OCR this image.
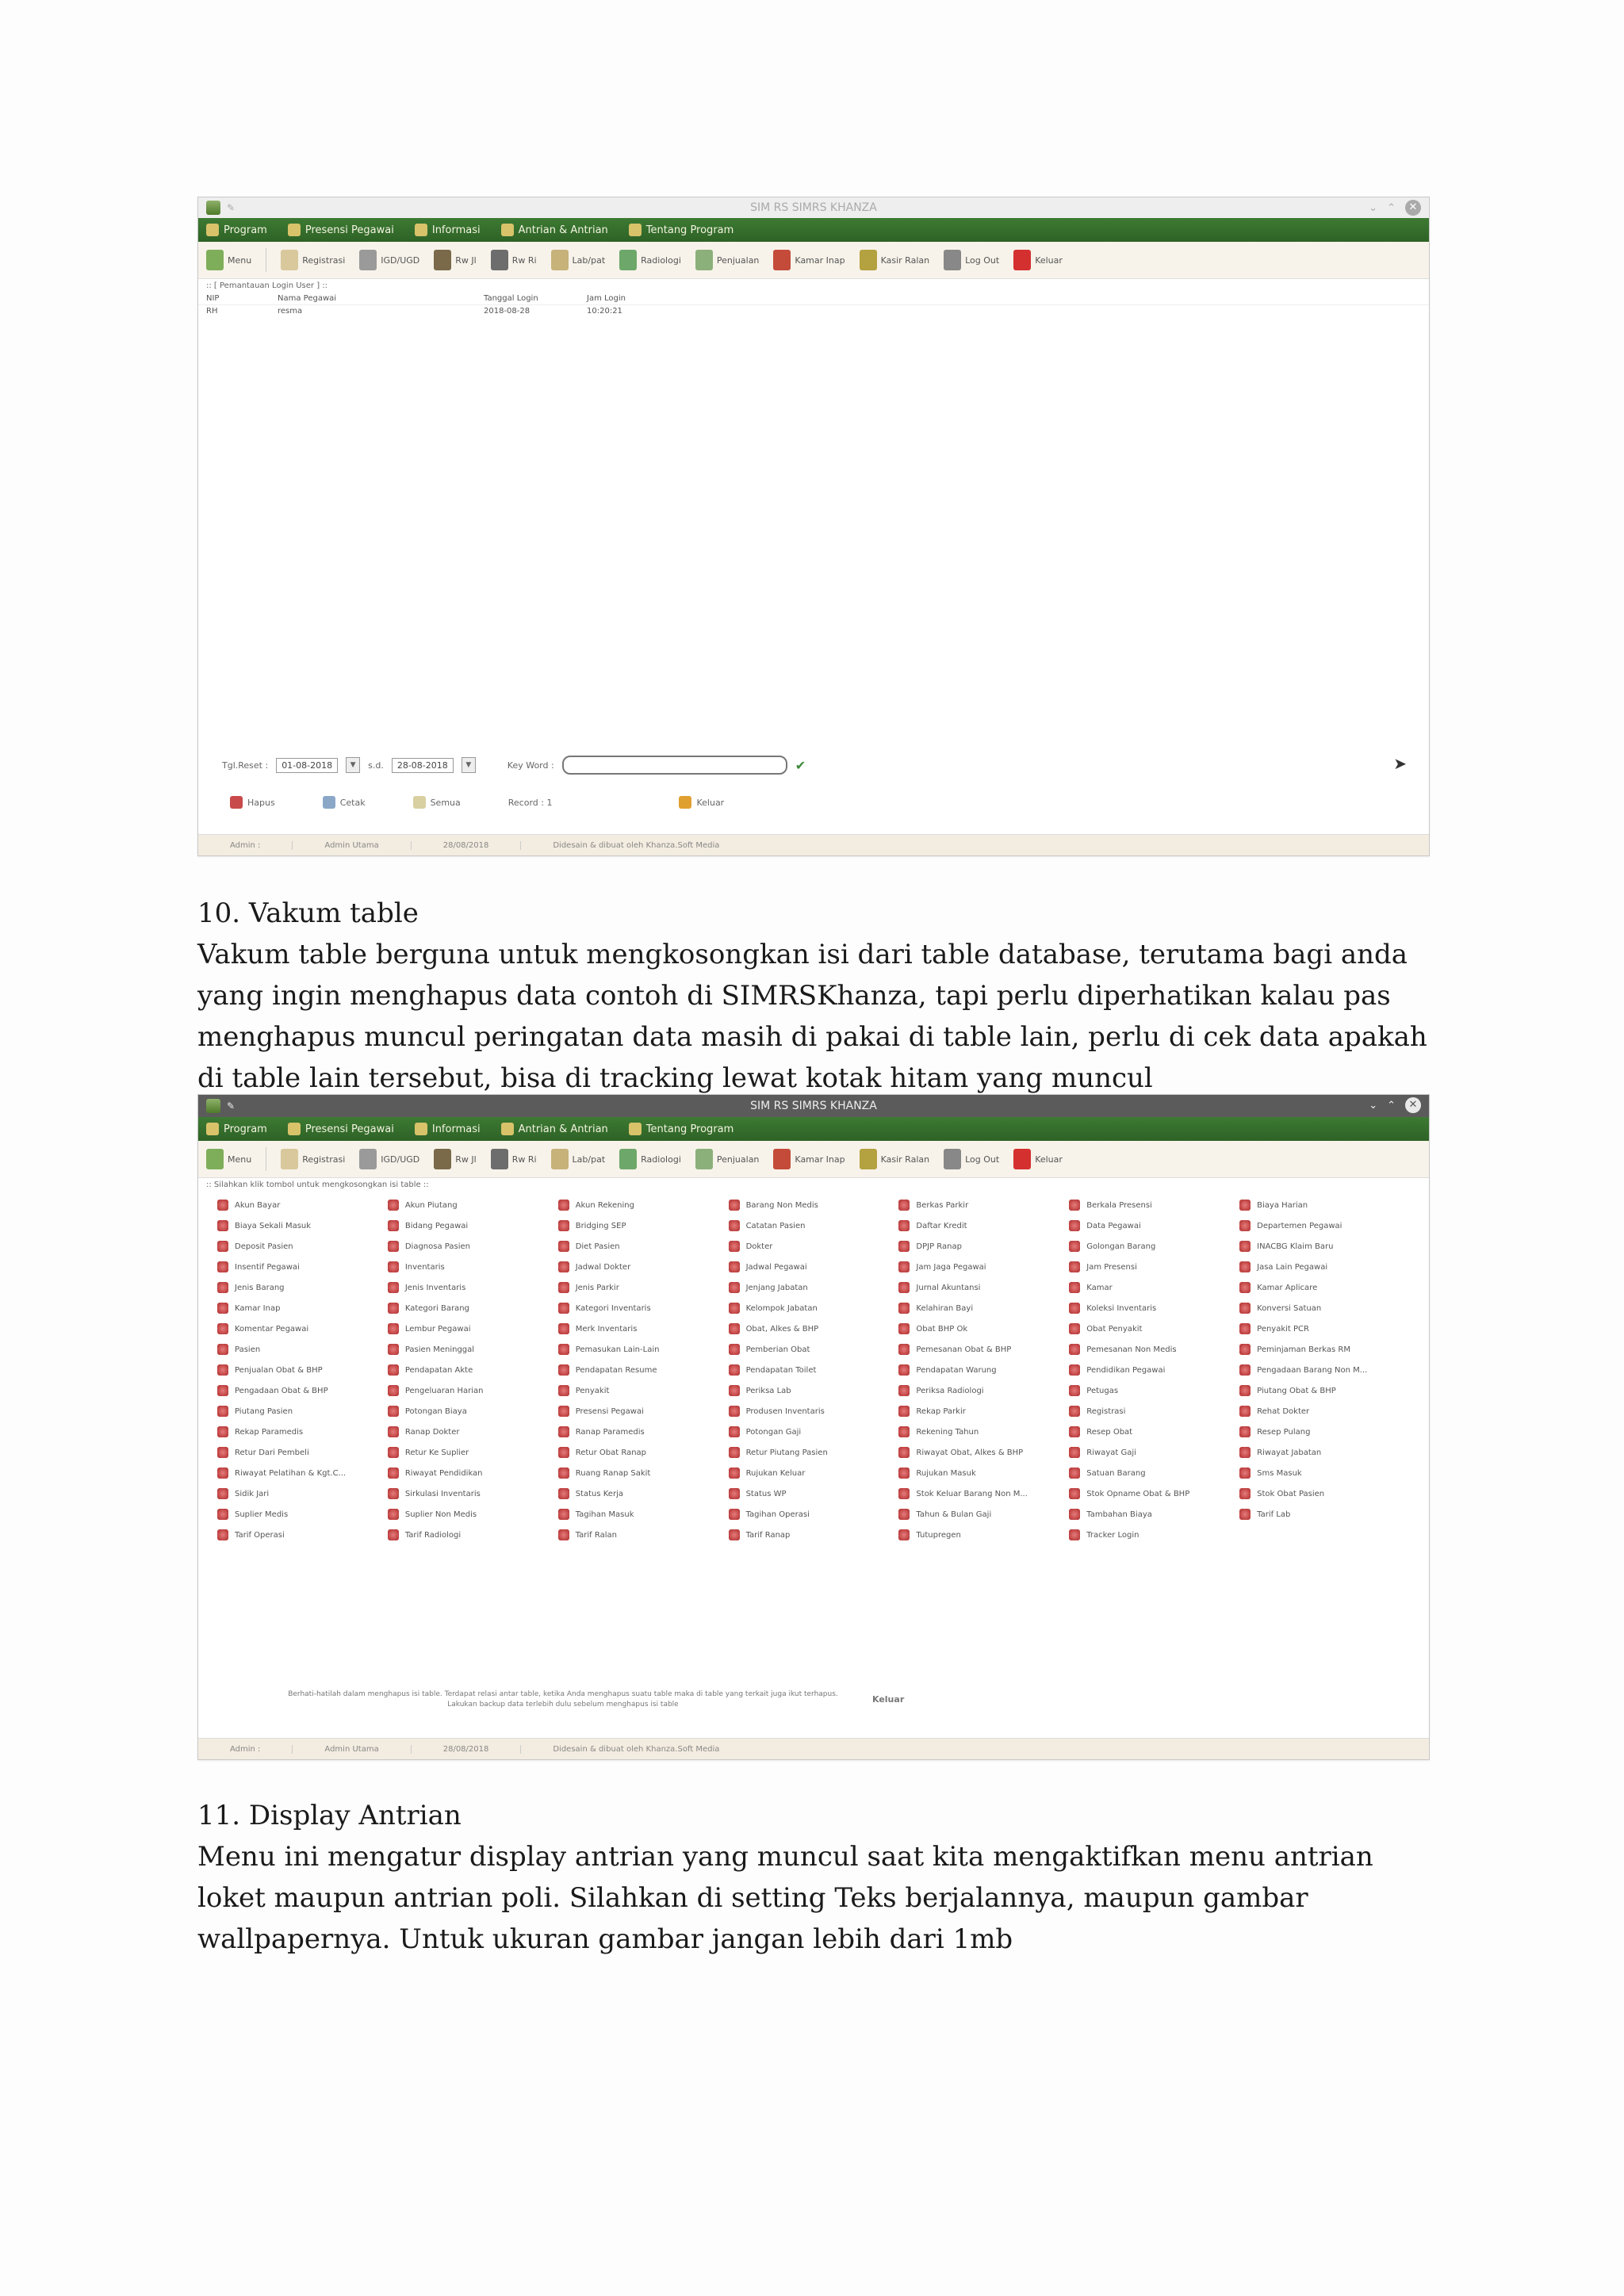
✎	SIM RS SIMRS KHANZA	⌄ ⌃	✕
Program	Presensi Pegawai	Informasi	Antrian & Antrian	Tentang Program
Menu	Registrasi	IGD/UGD	Rw Jl	Rw Ri	Lab/pat	Radiologi	Penjualan	Kamar Inap	Kasir Ralan	Log Out	Keluar
:: [ Pemantauan Login User ] ::
NIP	Nama Pegawai	Tanggal Login	Jam Login
RH	resma	2018-08-28	10:20:21
Tgl.Reset :	01-08-2018	▼	s.d.	28-08-2018	▼	Key Word :	✔	➤
Hapus	Cetak	Semua	Record : 1	Keluar
Admin :	Admin Utama	28/08/2018	Didesain & dibuat oleh Khanza.Soft Media
10. Vakum table
Vakum table berguna untuk mengkosongkan isi dari table database, terutama bagi anda yang ingin menghapus data contoh di SIMRSKhanza, tapi perlu diperhatikan kalau pas menghapus muncul peringatan data masih di pakai di table lain, perlu di cek data apakah di table lain tersebut, bisa di tracking lewat kotak hitam yang muncul
✎	SIM RS SIMRS KHANZA	⌄ ⌃	✕
Program	Presensi Pegawai	Informasi	Antrian & Antrian	Tentang Program
Menu	Registrasi	IGD/UGD	Rw Jl	Rw Ri	Lab/pat	Radiologi	Penjualan	Kamar Inap	Kasir Ralan	Log Out	Keluar
:: Silahkan klik tombol untuk mengkosongkan isi table ::
Akun Bayar	Akun Piutang	Akun Rekening	Barang Non Medis	Berkas Parkir	Berkala Presensi	Biaya Harian
Biaya Sekali Masuk	Bidang Pegawai	Bridging SEP	Catatan Pasien	Daftar Kredit	Data Pegawai	Departemen Pegawai
Deposit Pasien	Diagnosa Pasien	Diet Pasien	Dokter	DPJP Ranap	Golongan Barang	INACBG Klaim Baru
Insentif Pegawai	Inventaris	Jadwal Dokter	Jadwal Pegawai	Jam Jaga Pegawai	Jam Presensi	Jasa Lain Pegawai
Jenis Barang	Jenis Inventaris	Jenis Parkir	Jenjang Jabatan	Jurnal Akuntansi	Kamar	Kamar Aplicare
Kamar Inap	Kategori Barang	Kategori Inventaris	Kelompok Jabatan	Kelahiran Bayi	Koleksi Inventaris	Konversi Satuan
Komentar Pegawai	Lembur Pegawai	Merk Inventaris	Obat, Alkes & BHP	Obat BHP Ok	Obat Penyakit	Penyakit PCR
Pasien	Pasien Meninggal	Pemasukan Lain-Lain	Pemberian Obat	Pemesanan Obat & BHP	Pemesanan Non Medis	Peminjaman Berkas RM
Penjualan Obat & BHP	Pendapatan Akte	Pendapatan Resume	Pendapatan Toilet	Pendapatan Warung	Pendidikan Pegawai	Pengadaan Barang Non M...
Pengadaan Obat & BHP	Pengeluaran Harian	Penyakit	Periksa Lab	Periksa Radiologi	Petugas	Piutang Obat & BHP
Piutang Pasien	Potongan Biaya	Presensi Pegawai	Produsen Inventaris	Rekap Parkir	Registrasi	Rehat Dokter
Rekap Paramedis	Ranap Dokter	Ranap Paramedis	Potongan Gaji	Rekening Tahun	Resep Obat	Resep Pulang
Retur Dari Pembeli	Retur Ke Suplier	Retur Obat Ranap	Retur Piutang Pasien	Riwayat Obat, Alkes & BHP	Riwayat Gaji	Riwayat Jabatan
Riwayat Pelatihan & Kgt.C...	Riwayat Pendidikan	Ruang Ranap Sakit	Rujukan Keluar	Rujukan Masuk	Satuan Barang	Sms Masuk
Sidik Jari	Sirkulasi Inventaris	Status Kerja	Status WP	Stok Keluar Barang Non M...	Stok Opname Obat & BHP	Stok Obat Pasien
Suplier Medis	Suplier Non Medis	Tagihan Masuk	Tagihan Operasi	Tahun & Bulan Gaji	Tambahan Biaya	Tarif Lab
Tarif Operasi	Tarif Radiologi	Tarif Ralan	Tarif Ranap	Tutupregen	Tracker Login
Berhati-hatilah dalam menghapus isi table. Terdapat relasi antar table, ketika Anda menghapus suatu table maka di table yang terkait juga ikut terhapus. Lakukan backup data terlebih dulu sebelum menghapus isi table	Keluar
Admin :	Admin Utama	28/08/2018	Didesain & dibuat oleh Khanza.Soft Media
11. Display Antrian
Menu ini mengatur display antrian yang muncul saat kita mengaktifkan menu antrian loket maupun antrian poli. Silahkan di setting Teks berjalannya, maupun gambar wallpapernya. Untuk ukuran gambar jangan lebih dari 1mb
